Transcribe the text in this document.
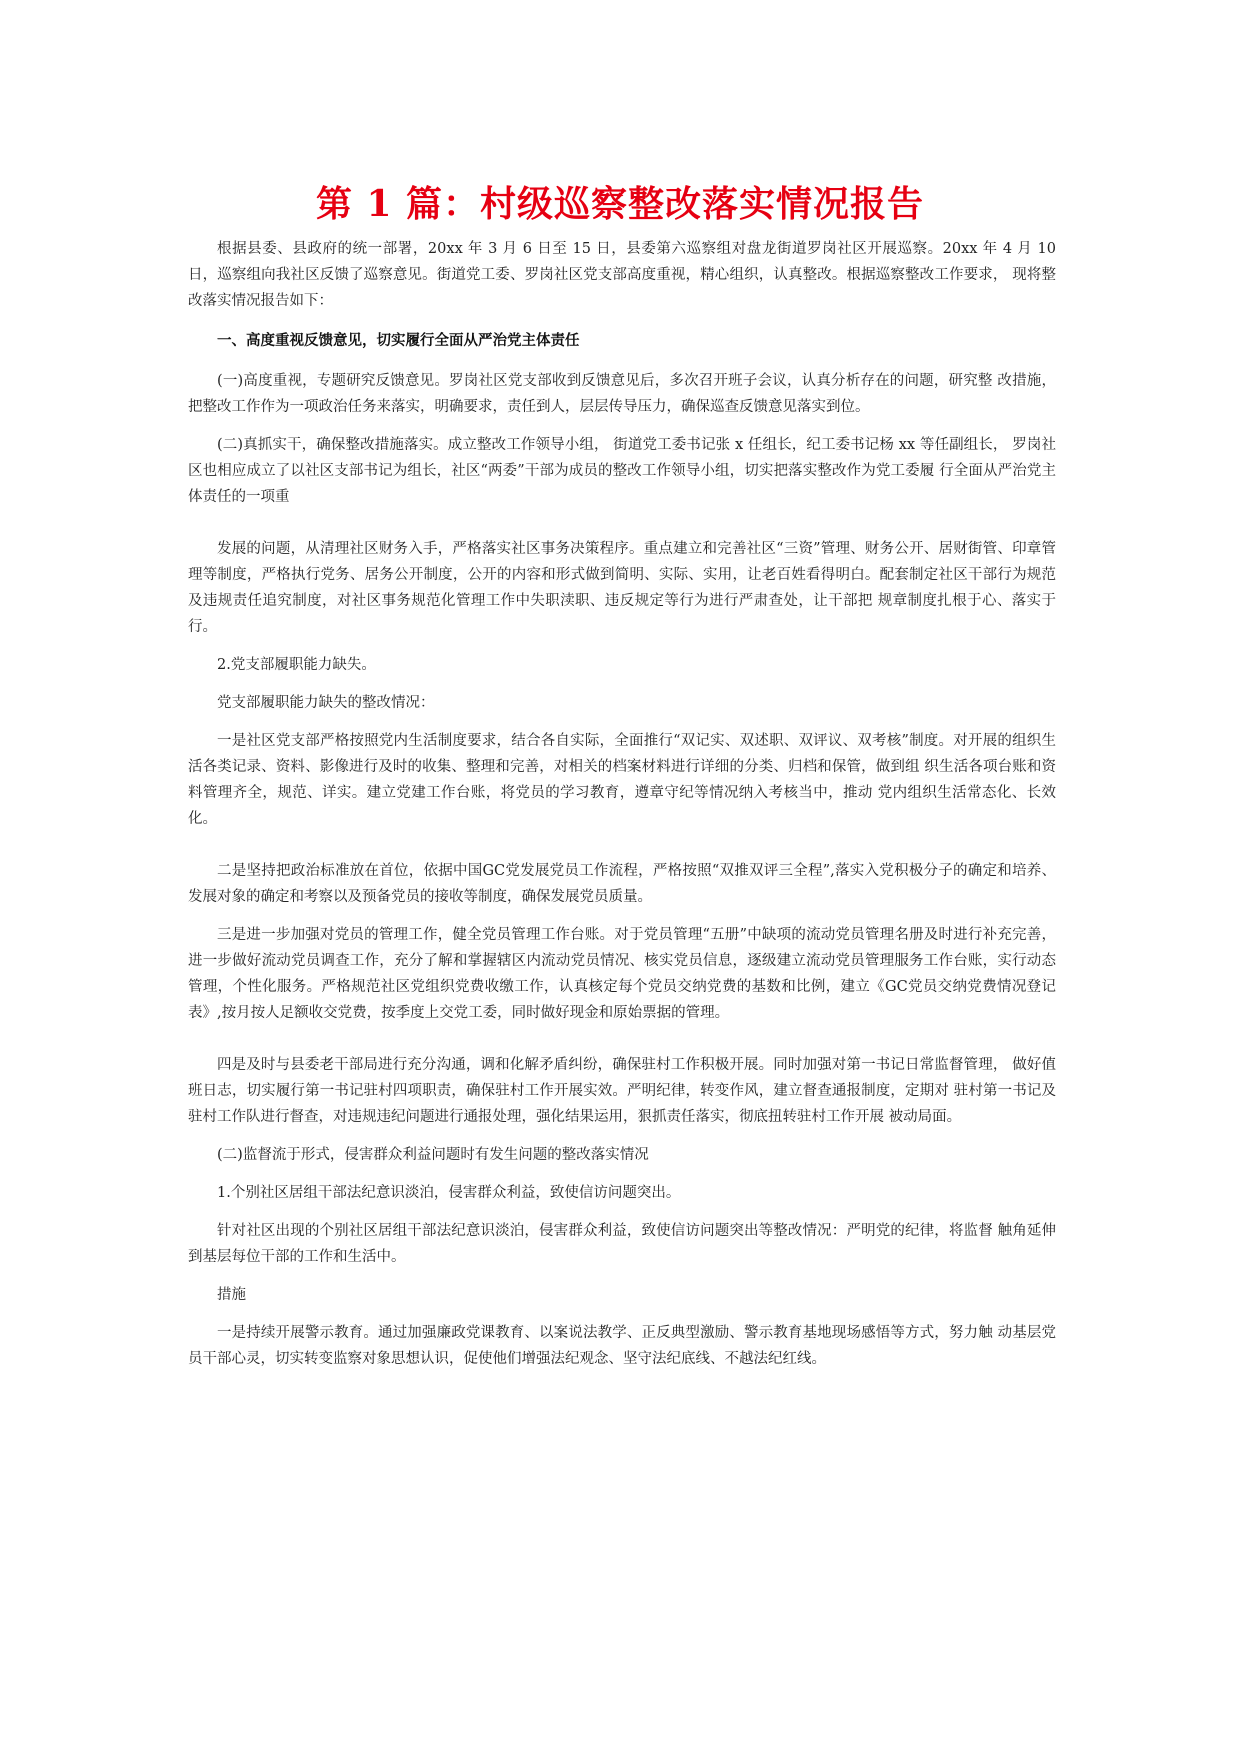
第 1 篇：村级巡察整改落实情况报告

根据县委、县政府的统一部署，20xx 年 3 月 6 日至 15 日，县委第六巡察组对盘龙街道罗岗社区开展巡察。20xx 年 4 月 10 日，巡察组向我社区反馈了巡察意见。街道党工委、罗岗社区党支部高度重视，精心组织，认真整改。根据巡察整改工作要求， 现将整改落实情况报告如下：

一、高度重视反馈意见，切实履行全面从严治党主体责任

(一)高度重视，专题研究反馈意见。罗岗社区党支部收到反馈意见后，多次召开班子会议，认真分析存在的问题，研究整 改措施，把整改工作作为一项政治任务来落实，明确要求，责任到人，层层传导压力，确保巡查反馈意见落实到位。

(二)真抓实干，确保整改措施落实。成立整改工作领导小组， 街道党工委书记张 x 任组长，纪工委书记杨 xx 等任副组长， 罗岗社区也相应成立了以社区支部书记为组长，社区“两委”干部为成员的整改工作领导小组，切实把落实整改作为党工委履 行全面从严治党主体责任的一项重

发展的问题，从清理社区财务入手，严格落实社区事务决策程序。重点建立和完善社区“三资”管理、财务公开、居财街管、印章管理等制度，严格执行党务、居务公开制度，公开的内容和形式做到简明、实际、实用，让老百姓看得明白。配套制定社区干部行为规范及违规责任追究制度，对社区事务规范化管理工作中失职渎职、违反规定等行为进行严肃查处，让干部把 规章制度扎根于心、落实于行。

2.党支部履职能力缺失。

党支部履职能力缺失的整改情况：

一是社区党支部严格按照党内生活制度要求，结合各自实际，全面推行“双记实、双述职、双评议、双考核”制度。对开展的组织生活各类记录、资料、影像进行及时的收集、整理和完善，对相关的档案材料进行详细的分类、归档和保管，做到组 织生活各项台账和资料管理齐全，规范、详实。建立党建工作台账，将党员的学习教育，遵章守纪等情况纳入考核当中，推动 党内组织生活常态化、长效化。

二是坚持把政治标准放在首位，依据中国GC党发展党员工作流程，严格按照“双推双评三全程”,落实入党积极分子的确定和培养、发展对象的确定和考察以及预备党员的接收等制度，确保发展党员质量。

三是进一步加强对党员的管理工作，健全党员管理工作台账。对于党员管理“五册”中缺项的流动党员管理名册及时进行补充完善，进一步做好流动党员调查工作，充分了解和掌握辖区内流动党员情况、核实党员信息，逐级建立流动党员管理服务工作台账，实行动态管理，个性化服务。严格规范社区党组织党费收缴工作，认真核定每个党员交纳党费的基数和比例，建立《GC党员交纳党费情况登记表》,按月按人足额收交党费，按季度上交党工委，同时做好现金和原始票据的管理。

四是及时与县委老干部局进行充分沟通，调和化解矛盾纠纷，确保驻村工作积极开展。同时加强对第一书记日常监督管理， 做好值班日志，切实履行第一书记驻村四项职责，确保驻村工作开展实效。严明纪律，转变作风，建立督查通报制度，定期对 驻村第一书记及驻村工作队进行督查，对违规违纪问题进行通报处理，强化结果运用，狠抓责任落实，彻底扭转驻村工作开展 被动局面。

(二)监督流于形式，侵害群众利益问题时有发生问题的整改落实情况

1.个别社区居组干部法纪意识淡泊，侵害群众利益，致使信访问题突出。

针对社区出现的个别社区居组干部法纪意识淡泊，侵害群众利益，致使信访问题突出等整改情况：严明党的纪律，将监督 触角延伸到基层每位干部的工作和生活中。

措施

一是持续开展警示教育。通过加强廉政党课教育、以案说法教学、正反典型激励、警示教育基地现场感悟等方式，努力触 动基层党员干部心灵，切实转变监察对象思想认识，促使他们增强法纪观念、坚守法纪底线、不越法纪红线。
